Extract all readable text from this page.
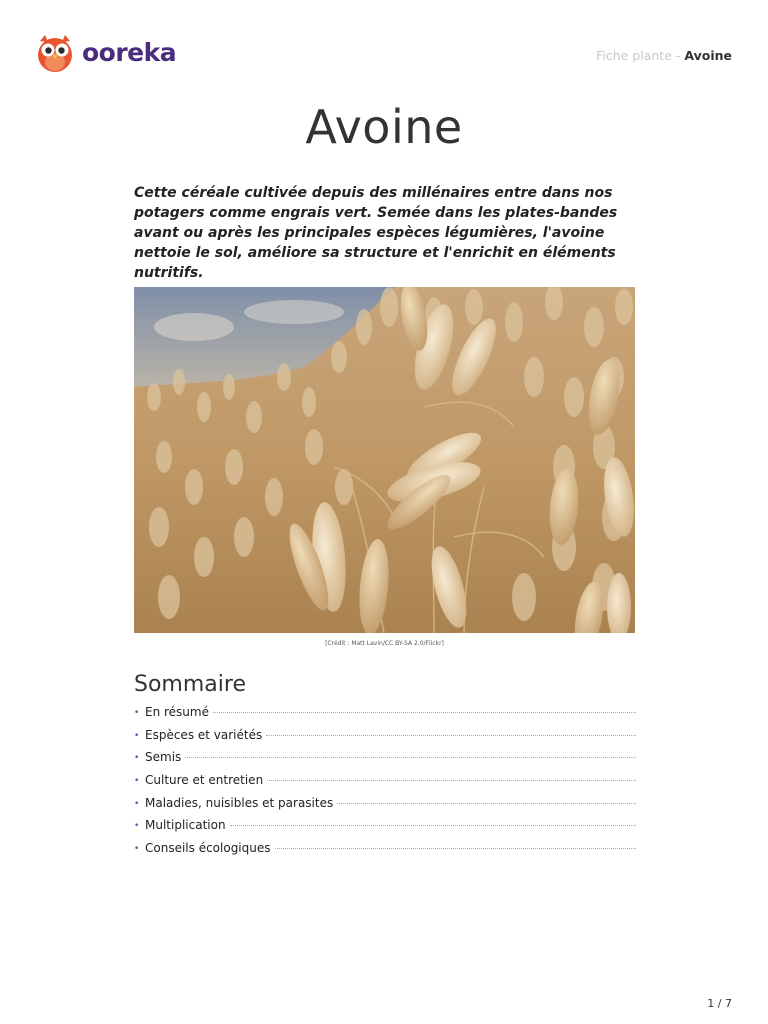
ooreka	Fiche plante - Avoine
Avoine

Cette céréale cultivée depuis des millénaires entre dans nos potagers comme engrais vert. Semée dans les plates-bandes avant ou après les principales espèces légumières, l'avoine nettoie le sol, améliore sa structure et l'enrichit en éléments nutritifs.

[Crédit : Matt Lavin/CC BY-SA 2.0/Flickr]
Sommaire
• En résumé
• Espèces et variétés
• Semis
• Culture et entretien
• Maladies, nuisibles et parasites
• Multiplication
• Conseils écologiques
1 / 7
